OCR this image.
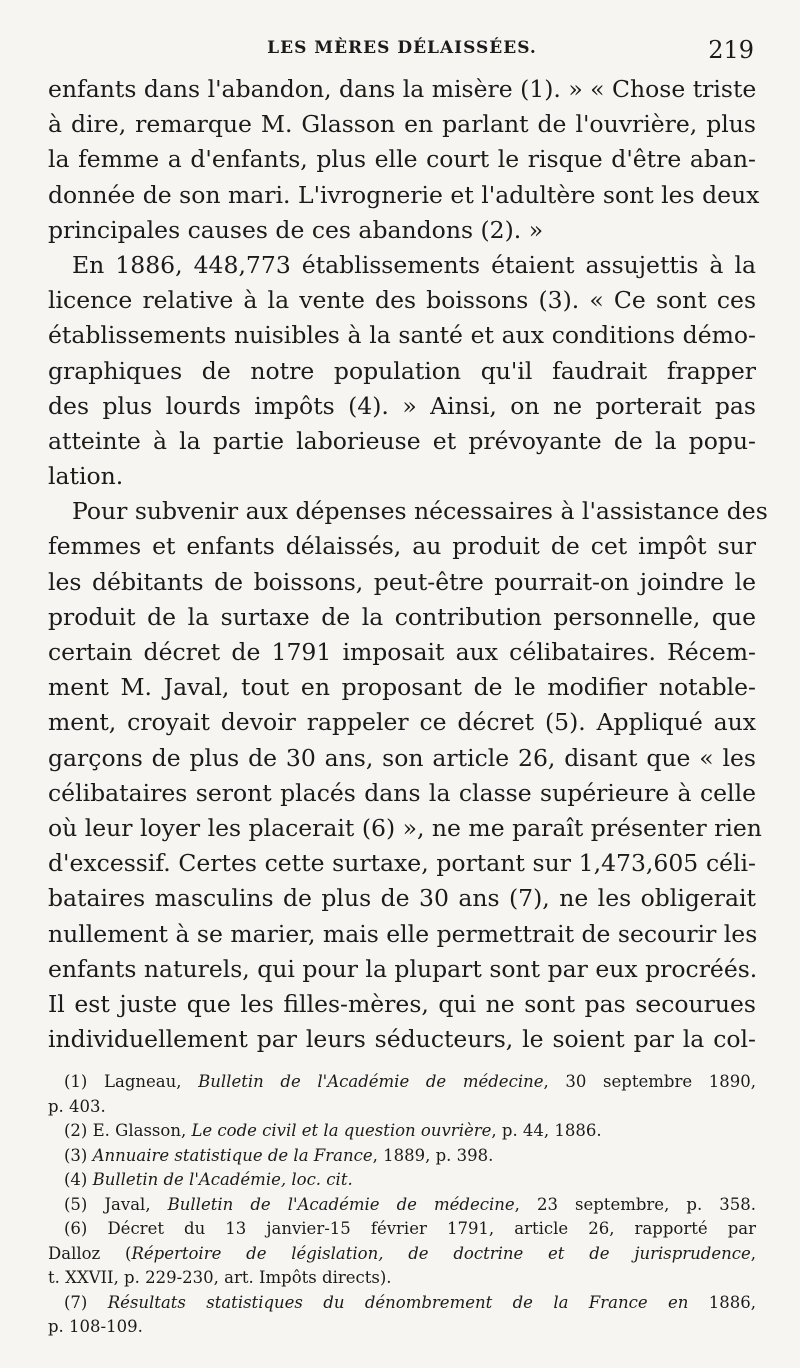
LES MÈRES DÉLAISSÉES.	219
enfants dans l'abandon, dans la misère (1). » « Chose triste
à dire, remarque M. Glasson en parlant de l'ouvrière, plus
la femme a d'enfants, plus elle court le risque d'être aban-
donnée de son mari. L'ivrognerie et l'adultère sont les deux
principales causes de ces abandons (2). »
En 1886, 448,773 établissements étaient assujettis à la
licence relative à la vente des boissons (3). « Ce sont ces
établissements nuisibles à la santé et aux conditions démo-
graphiques de notre population qu'il faudrait frapper
des plus lourds impôts (4). » Ainsi, on ne porterait pas
atteinte à la partie laborieuse et prévoyante de la popu-
lation.
Pour subvenir aux dépenses nécessaires à l'assistance des
femmes et enfants délaissés, au produit de cet impôt sur
les débitants de boissons, peut-être pourrait-on joindre le
produit de la surtaxe de la contribution personnelle, que
certain décret de 1791 imposait aux célibataires. Récem-
ment M. Javal, tout en proposant de le modifier notable-
ment, croyait devoir rappeler ce décret (5). Appliqué aux
garçons de plus de 30 ans, son article 26, disant que « les
célibataires seront placés dans la classe supérieure à celle
où leur loyer les placerait (6) », ne me paraît présenter rien
d'excessif. Certes cette surtaxe, portant sur 1,473,605 céli-
bataires masculins de plus de 30 ans (7), ne les obligerait
nullement à se marier, mais elle permettrait de secourir les
enfants naturels, qui pour la plupart sont par eux procréés.
Il est juste que les filles-mères, qui ne sont pas secourues
individuellement par leurs séducteurs, le soient par la col-
(1) Lagneau, Bulletin de l'Académie de médecine, 30 septembre 1890,
p. 403.
(2) E. Glasson, Le code civil et la question ouvrière, p. 44, 1886.
(3) Annuaire statistique de la France, 1889, p. 398.
(4) Bulletin de l'Académie, loc. cit.
(5) Javal, Bulletin de l'Académie de médecine, 23 septembre, p. 358.
(6) Décret du 13 janvier-15 février 1791, article 26, rapporté par
Dalloz (Répertoire de législation, de doctrine et de jurisprudence,
t. XXVII, p. 229-230, art. Impôts directs).
(7) Résultats statistiques du dénombrement de la France en 1886,
p. 108-109.
